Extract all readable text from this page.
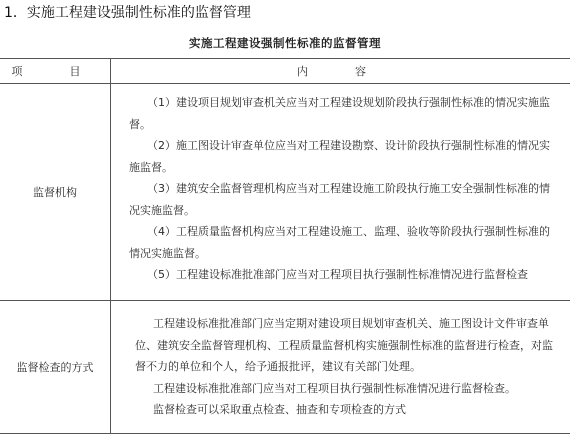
1．实施工程建设强制性标准的监督管理
实施工程建设强制性标准的监督管理
项　目	内　容
监督机构	（1）建设项目规划审查机关应当对工程建设规划阶段执行强制性标准的情况实施监督。

（2）施工图设计审查单位应当对工程建设勘察、设计阶段执行强制性标准的情况实施监督。

（3）建筑安全监督管理机构应当对工程建设施工阶段执行施工安全强制性标准的情况实施监督。

（4）工程质量监督机构应当对工程建设施工、监理、验收等阶段执行强制性标准的情况实施监督。

（5）工程建设标准批准部门应当对工程项目执行强制性标准情况进行监督检查

监督检查的方式	工程建设标准批准部门应当定期对建设项目规划审查机关、施工图设计文件审查单位、建筑安全监督管理机构、工程质量监督机构实施强制性标准的监督进行检查，对监督不力的单位和个人，给予通报批评，建议有关部门处理。

工程建设标准批准部门应当对工程项目执行强制性标准情况进行监督检查。

监督检查可以采取重点检查、抽查和专项检查的方式
